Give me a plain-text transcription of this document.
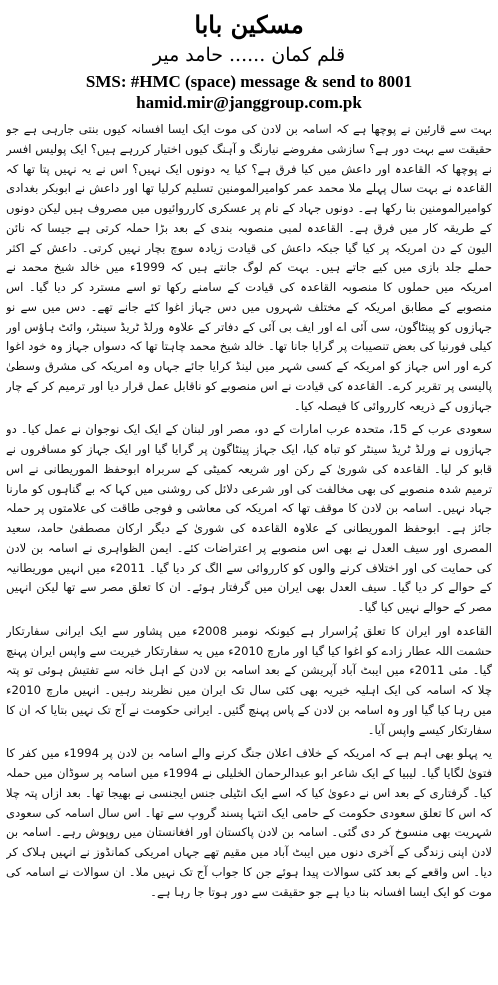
مسکین بابا
قلم کمان ...... حامد میر
SMS: #HMC (space) message & send to 8001
hamid.mir@janggroup.com.pk

بہت سے قارئین نے پوچھا ہے کہ اسامہ بن لادن کی موت ایک ایسا افسانہ کیوں بنتی جارہی ہے جو حقیقت سے بہت دور ہے؟ سازشی مفروضے نیارنگ و آہنگ کیوں اختیار کررہے ہیں؟ ایک پولیس افسر نے پوچھا کہ القاعدہ اور داعش میں کیا فرق ہے؟ کیا یہ دونوں ایک نہیں؟ اس نے یہ نہیں پتا تھا کہ القاعدہ نے بہت سال پہلے ملا محمد عمر کوامیرالمومنین تسلیم کرلیا تھا اور داعش نے ابوبکر بغدادی کوامیرالمومنین بنا رکھا ہے۔ دونوں جہاد کے نام پر عسکری کارروائیوں میں مصروف ہیں لیکن دونوں کے طریقہ کار میں فرق ہے۔ القاعدہ لمبی منصوبہ بندی کے بعد بڑا حملہ کرتی ہے جیسا کہ نائن الیون کے دن امریکہ پر کیا گیا جبکہ داعش کی قیادت زیادہ سوچ بچار نہیں کرتی۔ داعش کے اکثر حملے جلد بازی میں کیے جاتے ہیں۔ بہت کم لوگ جانتے ہیں کہ 1999ء میں خالد شیخ محمد نے امریکہ میں حملوں کا منصوبہ القاعدہ کی قیادت کے سامنے رکھا تو اسے مسترد کر دیا گیا۔ اس منصوبے کے مطابق امریکہ کے مختلف شہروں میں دس جہاز اغوا کئے جانے تھے۔ دس میں سے نو جہازوں کو پینٹاگون، سی آئی اے اور ایف بی آئی کے دفاتر کے علاوہ ورلڈ ٹریڈ سینٹر، وائٹ ہاؤس اور کیلی فورنیا کی بعض تنصیبات پر گرایا جانا تھا۔ خالد شیخ محمد چاہتا تھا کہ دسواں جہاز وہ خود اغوا کرے اور اس جہاز کو امریکہ کے کسی شہر میں لینڈ کرایا جائے جہاں وہ امریکہ کی مشرق وسطیٰ پالیسی پر تقریر کرے۔ القاعدہ کی قیادت نے اس منصوبے کو ناقابل عمل قرار دیا اور ترمیم کر کے چار جہازوں کے ذریعہ کارروائی کا فیصلہ کیا۔

سعودی عرب کے 15، متحدہ عرب امارات کے دو، مصر اور لبنان کے ایک ایک نوجوان نے عمل کیا۔ دو جہازوں نے ورلڈ ٹریڈ سینٹر کو تباہ کیا، ایک جہاز پینٹاگون پر گرایا گیا اور ایک جہاز کو مسافروں نے قابو کر لیا۔ القاعدہ کی شوریٰ کے رکن اور شریعہ کمیٹی کے سربراہ ابوحفظ الموریطانی نے اس ترمیم شدہ منصوبے کی بھی مخالفت کی اور شرعی دلائل کی روشنی میں کہا کہ بے گناہوں کو مارنا جہاد نہیں۔ اسامہ بن لادن کا موقف تھا کہ امریکہ کی معاشی و فوجی طاقت کی علامتوں پر حملہ جائز ہے۔ ابوحفظ الموریطانی کے علاوہ القاعدہ کی شوریٰ کے دیگر ارکان مصطفیٰ حامد، سعید المصری اور سیف العدل نے بھی اس منصوبے پر اعتراضات کئے۔ ایمن الظواہری نے اسامہ بن لادن کی حمایت کی اور اختلاف کرنے والوں کو کارروائی سے الگ کر دیا گیا۔ 2011ء میں انہیں موریطانیہ کے حوالے کر دیا گیا۔ سیف العدل بھی ایران میں گرفتار ہوئے۔ ان کا تعلق مصر سے تھا لیکن انہیں مصر کے حوالے نہیں کیا گیا۔

القاعدہ اور ایران کا تعلق پُراسرار ہے کیونکہ نومبر 2008ء میں پشاور سے ایک ایرانی سفارتکار حشمت اللہ عطار زادے کو اغوا کیا گیا اور مارچ 2010ء میں یہ سفارتکار خیریت سے واپس ایران پہنچ گیا۔ مئی 2011ء میں ایبٹ آباد آپریشن کے بعد اسامہ بن لادن کے اہل خانہ سے تفتیش ہوئی تو پتہ چلا کہ اسامہ کی ایک اہلیہ خیریہ بھی کئی سال تک ایران میں نظربند رہیں۔ انہیں مارچ 2010ء میں رہا کیا گیا اور وہ اسامہ بن لادن کے پاس پہنچ گئیں۔ ایرانی حکومت نے آج تک نہیں بتایا کہ ان کا سفارتکار کیسے واپس آیا۔

یہ پہلو بھی اہم ہے کہ امریکہ کے خلاف اعلان جنگ کرنے والے اسامہ بن لادن پر 1994ء میں کفر کا فتویٰ لگایا گیا۔ لیبیا کے ایک شاعر ابو عبدالرحمان الخلیلی نے 1994ء میں اسامہ پر سوڈان میں حملہ کیا۔ گرفتاری کے بعد اس نے دعویٰ کیا کہ اسے ایک انٹیلی جنس ایجنسی نے بھیجا تھا۔ بعد ازاں پتہ چلا کہ اس کا تعلق سعودی حکومت کے حامی ایک انتہا پسند گروپ سے تھا۔ اس سال اسامہ کی سعودی شہریت بھی منسوخ کر دی گئی۔ اسامہ بن لادن پاکستان اور افغانستان میں روپوش رہے۔ اسامہ بن لادن اپنی زندگی کے آخری دنوں میں ایبٹ آباد میں مقیم تھے جہاں امریکی کمانڈوز نے انہیں ہلاک کر دیا۔ اس واقعے کے بعد کئی سوالات پیدا ہوئے جن کا جواب آج تک نہیں ملا۔ ان سوالات نے اسامہ کی موت کو ایک ایسا افسانہ بنا دیا ہے جو حقیقت سے دور ہوتا جا رہا ہے۔
